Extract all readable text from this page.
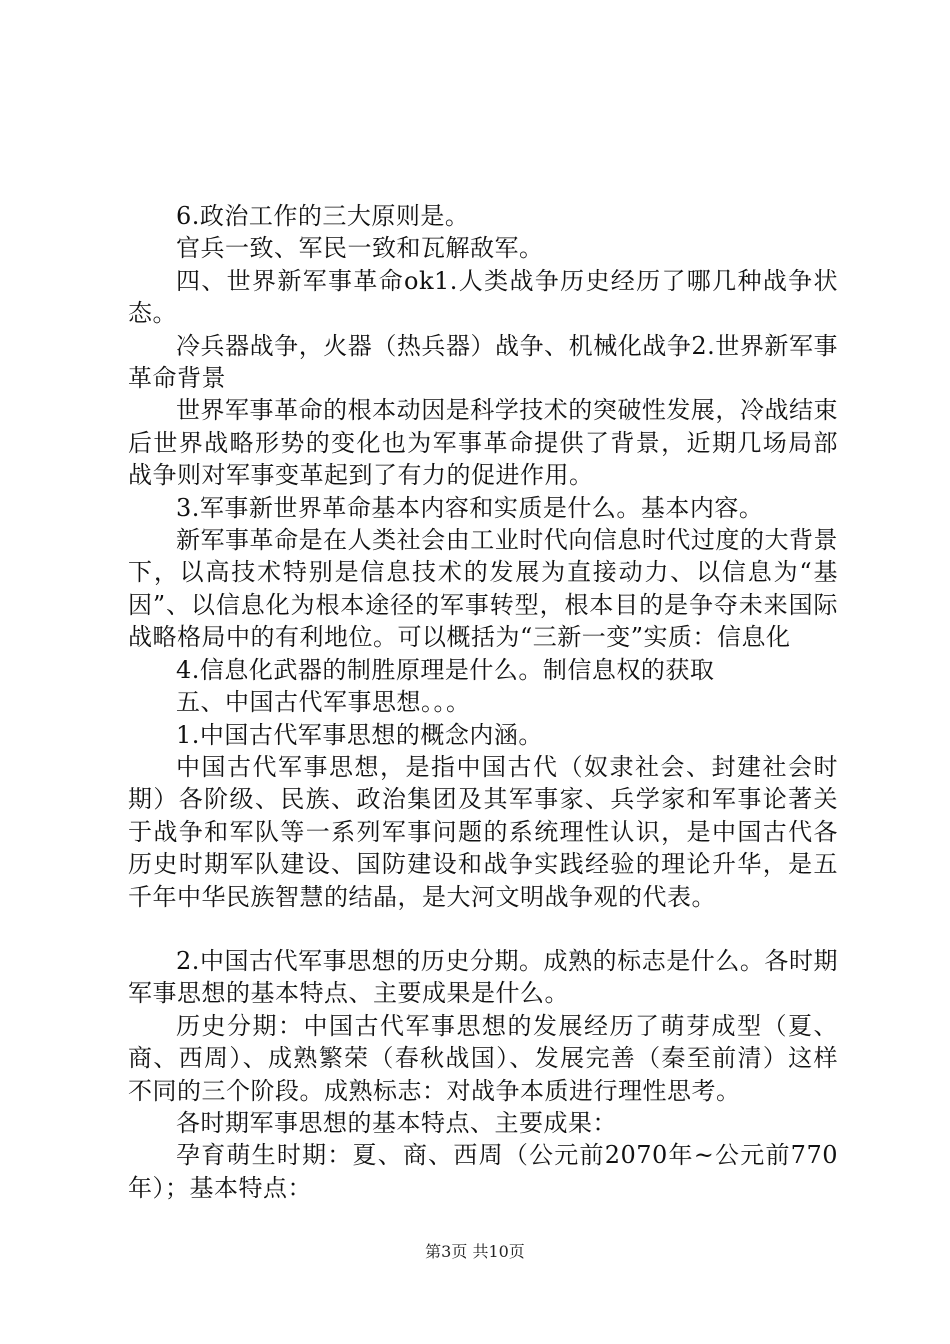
6.政治工作的三大原则是。

官兵一致、军民一致和瓦解敌军。

四、世界新军事革命ok1.人类战争历史经历了哪几种战争状态。

冷兵器战争，火器（热兵器）战争、机械化战争2.世界新军事革命背景

世界军事革命的根本动因是科学技术的突破性发展，冷战结束后世界战略形势的变化也为军事革命提供了背景，近期几场局部战争则对军事变革起到了有力的促进作用。

3.军事新世界革命基本内容和实质是什么。基本内容。

新军事革命是在人类社会由工业时代向信息时代过度的大背景下，以高技术特别是信息技术的发展为直接动力、以信息为“基因”、以信息化为根本途径的军事转型，根本目的是争夺未来国际战略格局中的有利地位。可以概括为“三新一变”实质：信息化

4.信息化武器的制胜原理是什么。制信息权的获取

五、中国古代军事思想。。。

1.中国古代军事思想的概念内涵。

中国古代军事思想，是指中国古代（奴隶社会、封建社会时期）各阶级、民族、政治集团及其军事家、兵学家和军事论著关于战争和军队等一系列军事问题的系统理性认识，是中国古代各历史时期军队建设、国防建设和战争实践经验的理论升华，是五千年中华民族智慧的结晶，是大河文明战争观的代表。

2.中国古代军事思想的历史分期。成熟的标志是什么。各时期军事思想的基本特点、主要成果是什么。

历史分期：中国古代军事思想的发展经历了萌芽成型（夏、商、西周）、成熟繁荣（春秋战国）、发展完善（秦至前清）这样不同的三个阶段。成熟标志：对战争本质进行理性思考。

各时期军事思想的基本特点、主要成果：

孕育萌生时期：夏、商、西周（公元前2070年~公元前770年）；基本特点：

第3页 共10页
